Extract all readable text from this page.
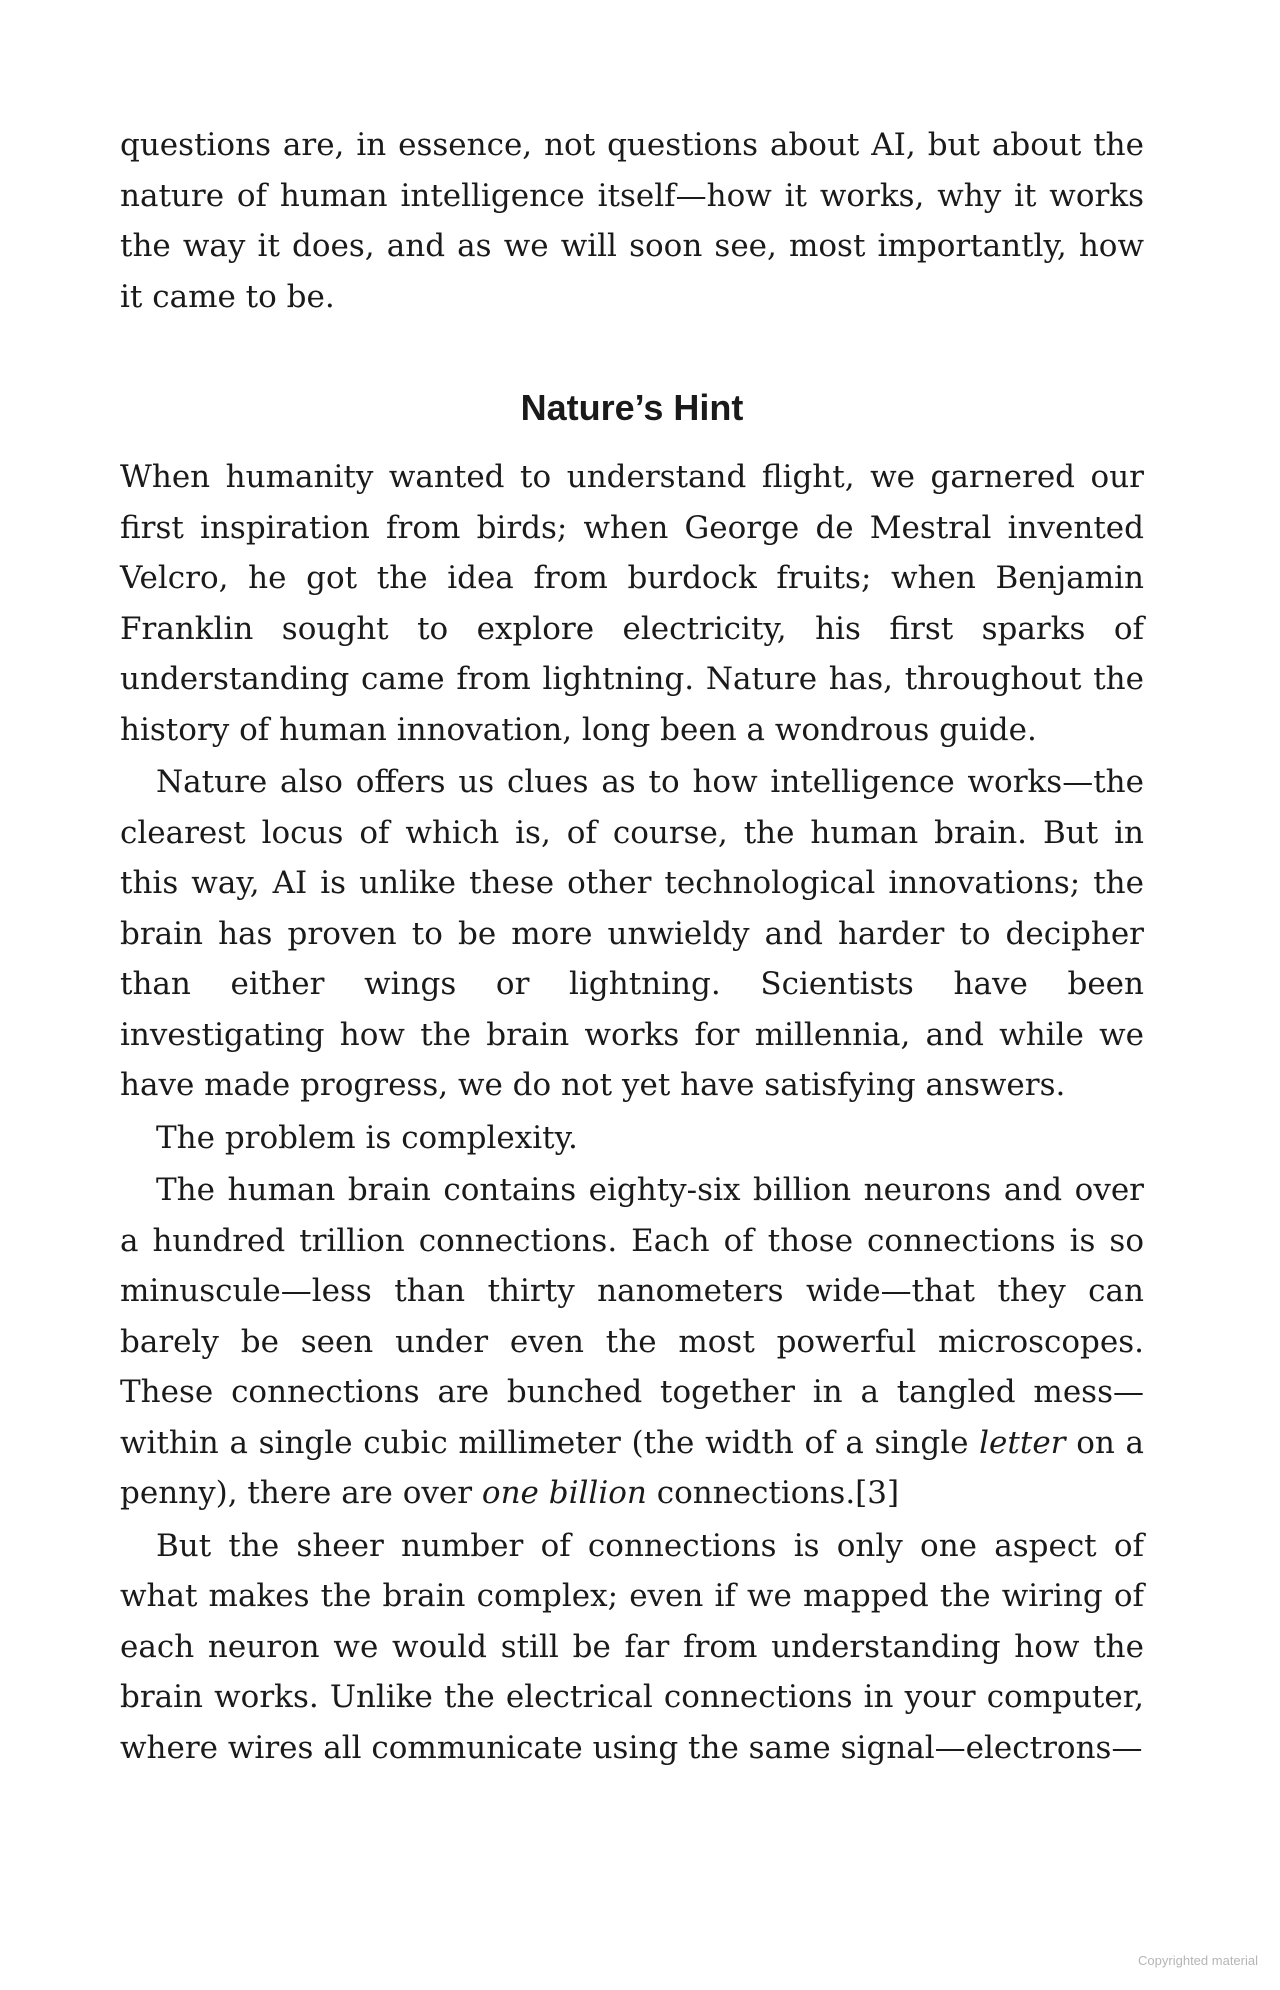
questions are, in essence, not questions about AI, but about the nature of human intelligence itself—how it works, why it works the way it does, and as we will soon see, most importantly, how it came to be.

Nature’s Hint

When humanity wanted to understand flight, we garnered our first inspiration from birds; when George de Mestral invented Velcro, he got the idea from burdock fruits; when Benjamin Franklin sought to explore electricity, his first sparks of understanding came from lightning. Nature has, throughout the history of human innovation, long been a wondrous guide.

Nature also offers us clues as to how intelligence works—the clearest locus of which is, of course, the human brain. But in this way, AI is unlike these other technological innovations; the brain has proven to be more unwieldy and harder to decipher than either wings or lightning. Scientists have been investigating how the brain works for millennia, and while we have made progress, we do not yet have satisfying answers.

The problem is complexity.

The human brain contains eighty-six billion neurons and over a hundred trillion connections. Each of those connections is so minuscule—less than thirty nanometers wide—that they can barely be seen under even the most powerful microscopes. These connections are bunched together in a tangled mess—within a single cubic millimeter (the width of a single letter on a penny), there are over one billion connections.[3]

But the sheer number of connections is only one aspect of what makes the brain complex; even if we mapped the wiring of each neuron we would still be far from understanding how the brain works. Unlike the electrical connections in your computer, where wires all communicate using the same signal—electrons—

Copyrighted material
